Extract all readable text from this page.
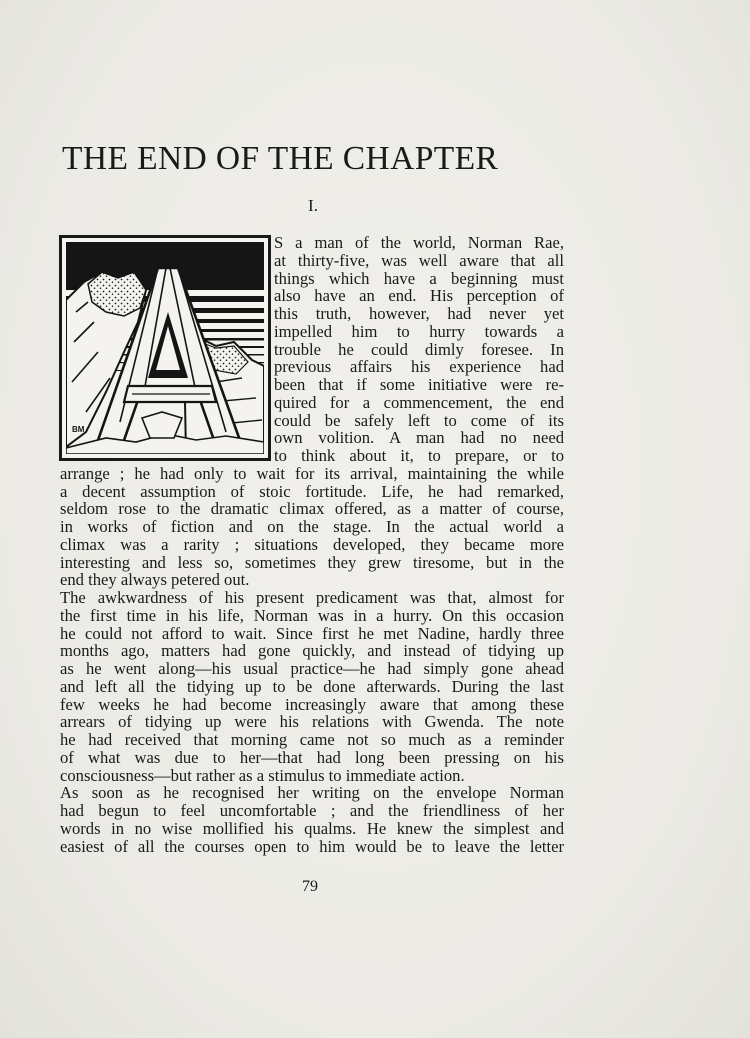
THE END OF THE CHAPTER

I.

BM
S a man of the world, Norman Rae,
at thirty-five, was well aware that all
things which have a beginning must
also have an end. His perception of
this truth, however, had never yet
impelled him to hurry towards a
trouble he could dimly foresee. In
previous affairs his experience had
been that if some initiative were re-
quired for a commencement, the end
could be safely left to come of its
own volition. A man had no need
to think about it, to prepare, or to
arrange ; he had only to wait for its arrival, maintaining the while
a decent assumption of stoic fortitude. Life, he had remarked,
seldom rose to the dramatic climax offered, as a matter of course,
in works of fiction and on the stage. In the actual world a
climax was a rarity ; situations developed, they became more
interesting and less so, sometimes they grew tiresome, but in the
end they always petered out.
The awkwardness of his present predicament was that, almost for
the first time in his life, Norman was in a hurry. On this occasion
he could not afford to wait. Since first he met Nadine, hardly three
months ago, matters had gone quickly, and instead of tidying up
as he went along—his usual practice—he had simply gone ahead
and left all the tidying up to be done afterwards. During the last
few weeks he had become increasingly aware that among these
arrears of tidying up were his relations with Gwenda. The note
he had received that morning came not so much as a reminder
of what was due to her—that had long been pressing on his
consciousness—but rather as a stimulus to immediate action.
As soon as he recognised her writing on the envelope Norman
had begun to feel uncomfortable ; and the friendliness of her
words in no wise mollified his qualms. He knew the simplest and
easiest of all the courses open to him would be to leave the letter

79
